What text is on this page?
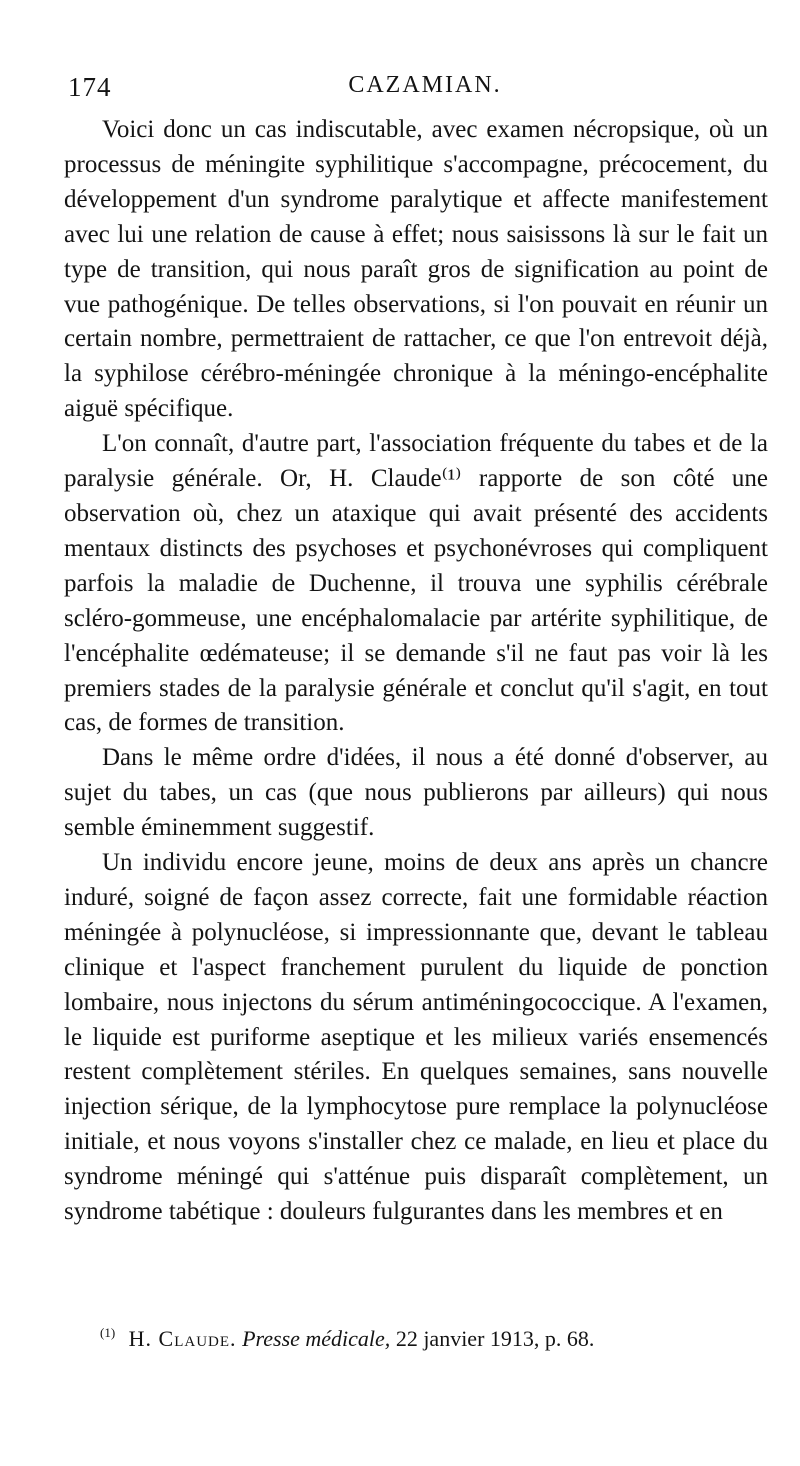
174	CAZAMIAN.

Voici donc un cas indiscutable, avec examen nécropsique, où un processus de méningite syphilitique s'accompagne, précocement, du développement d'un syndrome paralytique et affecte manifestement avec lui une relation de cause à effet; nous saisissons là sur le fait un type de transition, qui nous paraît gros de signification au point de vue pathogénique. De telles observations, si l'on pouvait en réunir un certain nombre, permettraient de rattacher, ce que l'on entrevoit déjà, la syphilose cérébro-méningée chronique à la méningo-encéphalite aiguë spécifique.

L'on connaît, d'autre part, l'association fréquente du tabes et de la paralysie générale. Or, H. Claude⁽¹⁾ rapporte de son côté une observation où, chez un ataxique qui avait présenté des accidents mentaux distincts des psychoses et psychonévroses qui compliquent parfois la maladie de Duchenne, il trouva une syphilis cérébrale scléro-gommeuse, une encéphalomalacie par artérite syphilitique, de l'encéphalite œdémateuse; il se demande s'il ne faut pas voir là les premiers stades de la paralysie générale et conclut qu'il s'agit, en tout cas, de formes de transition.

Dans le même ordre d'idées, il nous a été donné d'observer, au sujet du tabes, un cas (que nous publierons par ailleurs) qui nous semble éminemment suggestif.

Un individu encore jeune, moins de deux ans après un chancre induré, soigné de façon assez correcte, fait une formidable réaction méningée à polynucléose, si impressionnante que, devant le tableau clinique et l'aspect franchement purulent du liquide de ponction lombaire, nous injectons du sérum antiméningococcique. A l'examen, le liquide est puriforme aseptique et les milieux variés ensemencés restent complètement stériles. En quelques semaines, sans nouvelle injection sérique, de la lymphocytose pure remplace la polynucléose initiale, et nous voyons s'installer chez ce malade, en lieu et place du syndrome méningé qui s'atténue puis disparaît complètement, un syndrome tabétique : douleurs fulgurantes dans les membres et en

$^{(1)}$ H. Claude. Presse médicale, 22 janvier 1913, p. 68.
